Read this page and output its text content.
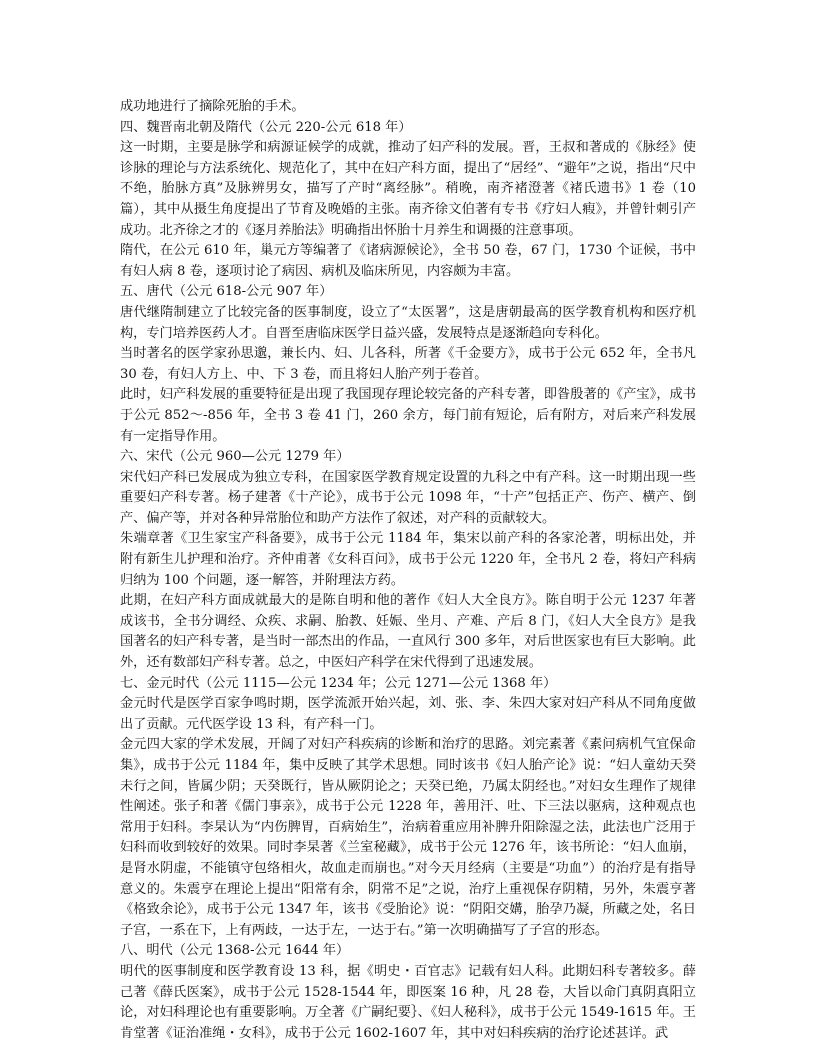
成功地进行了摘除死胎的手术。

四、魏晋南北朝及隋代（公元 220-公元 618 年）

这一时期，主要是脉学和病源证候学的成就，推动了妇产科的发展。晋，王叔和著成的《脉经》使诊脉的理论与方法系统化、规范化了，其中在妇产科方面，提出了“居经”、“避年”之说，指出“尺中不绝，胎脉方真”及脉辨男女，描写了产时“离经脉”。稍晚，南齐褚澄著《褚氏遗书》1 卷（10 篇），其中从摄生角度提出了节育及晚婚的主张。南齐徐文伯著有专书《疗妇人瘕》，并曾针刺引产成功。北齐徐之才的《逐月养胎法》明确指出怀胎十月养生和调摄的注意事项。

隋代，在公元 610 年，巢元方等编著了《诸病源候论》，全书 50 卷，67 门，1730 个证候，书中有妇人病 8 卷，逐项讨论了病因、病机及临床所见，内容颇为丰富。

五、唐代（公元 618-公元 907 年）

唐代继隋制建立了比较完备的医事制度，设立了“太医署”，这是唐朝最高的医学教育机构和医疗机构，专门培养医药人才。自晋至唐临床医学日益兴盛，发展特点是逐渐趋向专科化。

当时著名的医学家孙思邈，兼长内、妇、儿各科，所著《千金要方》，成书于公元 652 年，全书凡 30 卷，有妇人方上、中、下 3 卷，而且将妇人胎产列于卷首。

此时，妇产科发展的重要特征是出现了我国现存理论较完备的产科专著，即昝殷著的《产宝》，成书于公元 852～-856 年，全书 3 卷 41 门，260 余方，每门前有短论，后有附方，对后来产科发展有一定指导作用。

六、宋代（公元 960—公元 1279 年）

宋代妇产科已发展成为独立专科，在国家医学教育规定设置的九科之中有产科。这一时期出现一些重要妇产科专著。杨子建著《十产论》，成书于公元 1098 年，“十产”包括正产、伤产、横产、倒产、偏产等，并对各种异常胎位和助产方法作了叙述，对产科的贡献较大。

朱端章著《卫生家宝产科备要》，成书于公元 1184 年，集宋以前产科的各家沦著，明标出处，并附有新生儿护理和治疗。齐仲甫著《女科百问》，成书于公元 1220 年，全书凡 2 卷，将妇产科病归纳为 100 个问题，逐一解答，并附理法方药。

此期，在妇产科方面成就最大的是陈自明和他的著作《妇人大全良方》。陈自明于公元 1237 年著成该书，全书分调经、众疾、求嗣、胎教、妊娠、坐月、产难、产后 8 门，《妇人大全良方》是我国著名的妇产科专著，是当时一部杰出的作品，一直风行 300 多年，对后世医家也有巨大影响。此外，还有数部妇产科专著。总之，中医妇产科学在宋代得到了迅速发展。

七、金元时代（公元 1115—公元 1234 年；公元 1271—公元 1368 年）

金元时代是医学百家争鸣时期，医学流派开始兴起，刘、张、李、朱四大家对妇产科从不同角度做出了贡献。元代医学设 13 科，有产科一门。

金元四大家的学术发展，开阔了对妇产科疾病的诊断和治疗的思路。刘完素著《素问病机气宜保命集》，成书于公元 1184 年，集中反映了其学术思想。同时该书《妇人胎产论》说：“妇人童幼天癸未行之间，皆属少阴；天癸既行，皆从厥阴论之；天癸已绝，乃属太阴经也。”对妇女生理作了规律性阐述。张子和著《儒门事亲》，成书于公元 1228 年，善用汗、吐、下三法以驱病，这种观点也常用于妇科。李杲认为“内伤脾胃，百病始生”，治病着重应用补脾升阳除湿之法，此法也广泛用于妇科而收到较好的效果。同时李杲著《兰室秘藏》，成书于公元 1276 年，该书所论：“妇人血崩，是肾水阴虚，不能镇守包络相火，故血走而崩也。”对今天月经病（主要是“功血”）的治疗是有指导意义的。朱震亨在理论上提出“阳常有余，阴常不足”之说，治疗上重视保存阴精，另外，朱震亨著《格致余论》，成书于公元 1347 年，该书《受胎论》说：“阴阳交媾，胎孕乃凝，所藏之处，名日子宫，一系在下，上有两歧，一达于左，一达于右。”第一次明确描写了子宫的形态。

八、明代（公元 1368-公元 1644 年）

明代的医事制度和医学教育设 13 科，据《明史・百官志》记载有妇人科。此期妇科专著较多。薛己著《薛氏医案》，成书于公元 1528-1544 年，即医案 16 种，凡 28 卷，大旨以命门真阴真阳立论，对妇科理论也有重要影响。万全著《广嗣纪要｝、《妇人秘科》，成书于公元 1549-1615 年。王肯堂著《证治准绳・女科》，成书于公元 1602-1607 年，其中对妇科疾病的治疗论述甚详。武
